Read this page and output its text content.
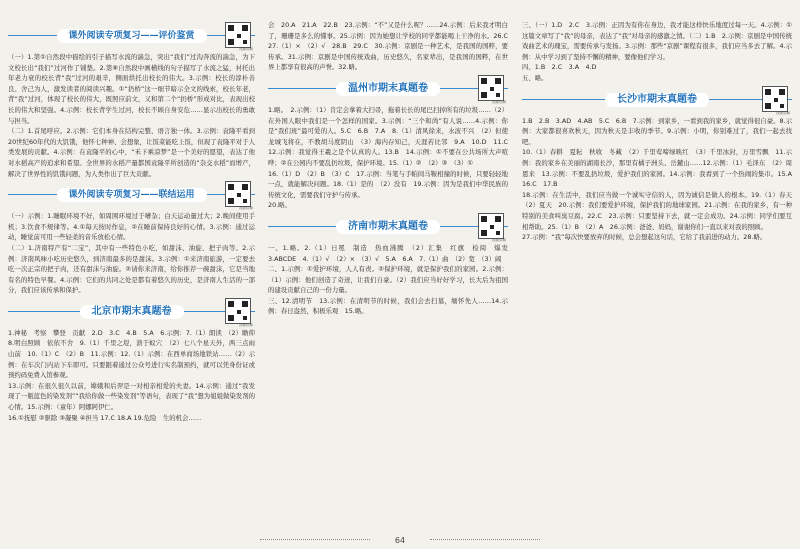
课外阅读专项复习——评价鉴赏
视频讲解

（一）1.第①自然段中描绘的引子描写水流的湍急，突出“我们”过沟奔流的湍急，为下文校长出“我们”过河作了铺垫。2.第⑧自然段中画横线的句子描写了水流之猛，衬托出年老力衰的校长背“我”过河的艰辛，侧面烘托出校长的伟大。3.示例：校长的淳朴善良、舍己为人，激发读者的阅读兴趣。①“扔桥”这一细节暗示全文的线索，校长年老，背“我”过河，体现了校长的伟大，既照应前文，又和第二个“扔桥”形成对比，表现出校长的伟大和坚强。4.示例：校长背学生过河，校长不顾自身安危……显示出校长的勇敢与担当。

（二）1.首尾呼应。2.示例：它们本身在结构完整、语言独一体。3.示例：袁隆平看到20世纪60年代的大饥饿，他怀七种神、会想象，让饭菜能吃上饭，但现了袁隆平对于人类发展的贡献。4.示例：在袁隆平的心中，“禾下乘凉梦”是一个美好的愿望，表达了他对水稻高产的追求和希望。全世界的水稻产量都国袁隆平所创造的“杂交水稻”而增产，解决了世界性的饥饿问题，为人类作出了巨大贡献。

课外阅读专项复习——联结运用
视频讲解

（一）示例：1.睡眠环境不好，如周围环境过于嘈杂；白天运动量过大；2.晚间使用手机；3.饮食不规律等。4.①每天按时作息，②在睡前保持良好的心情。3.示例：通过运动，睡觉前可用一些轻柔的音乐放松心情。

（二）1.济南特产有“二宝”，其中有一些特色小吃，如甜沫、油旋、把子肉等。2.示例：济南风味小吃历史悠久，到济南最多的是甜沫。3.示例：①来济南旅游，一定要去吃一次正宗的把子肉，还有甜沫与油旋。②请你来济南，给你推荐一碗甜沫，它是当地有名的特色早餐。4.示例：它们的共同之处是都有着悠久的历史，是济南人生活的一部分，我们应该传承和保护。

北京市期末真题卷
视频讲解

1.神秘　考察　攀登　贡献　2.D　3.C　4.B　5.A　6.示例：7.（1）朗读　（2）瞻仰　8.明白照顾　依依不舍　9.（1）千里之堤，溃于蚁穴　（2）七八个星天外，两三点雨山前　10.（1）C　（2）B　11.示例：12.（1）示例：在西单商场地铁站……（2）示例：在车次门内站下车即可。只要跟着通过公众号进行实名制预约，就可以凭身份证或预约码免费入馆参观。

13.示例：在很久很久以前，嫦娥和后羿是一对相亲相爱的夫妻。14.示例：通过“我发现了一瓶蓝色的染发剂”“我给你做一些染发剂”等语句，表现了“我”想为姐姐做染发剂的心情。15.示例：（童年）阿娜阿伊仁。

16.①抚慰 ②驱除 ③凝聚 ④担当 17.C 18.A 19.危险　生的机会……

会　20.A　21.A　22.B　23.示例：“不”又是什么呢？……24.示例：后来我才明白了，珊珊是多么的懂事。25.示例：因为她想让学校的同学都能喝上干净的水。26.C　27.（1）×　（2）√　28.B　29.C　30.示例：京剧是一种艺术，是我国的国粹，要传承。31.示例：京剧是中国传统戏曲，历史悠久，名家辈出，是我国的国粹，在世界上都享有很高的声誉。32.略。

温州市期末真题卷
视频讲解

1.略。　2.示例：（1）肯定会拿着大扫帚，拖着长长的尾巴扫掉所有的垃圾……（2）在外国人眼中我们是一个怎样的国家。3.示例：“三个和尚”有人说……4.示例：你是“我们班”最可爱的人。5.C　6.B　7.A　8.（1）清风徐来，水波不兴　（2）但使龙城飞将在，不教胡马度阴山　（3）海内存知己，天涯若比邻　9.A　10.D　11.C　12.示例：我觉得王羲之是个认真的人。13.B　14.示例：①不要在公共场所大声喧哗；②在公园内不要乱扔垃圾，保护环境。15.（1）②　（2）③　（3）①

16.（1）D　（2）B　（3）C　17.示例：当笔与手帕间马鞍相撞的时候，只要轻轻地一点，就能解决问题。18.（1）是的　（2）没有　19.示例：因为是我们中华民族的传统文化，需要我们守护与传承。

20.略。

济南市期末真题卷
视频讲解

一、1.略。2.（1）日冕　制造　热血沸腾　（2）汇集　红旗　检阅　爆发　3.ABCDE　4.（1）√　（2）×　（3）√　5.A　6.A　7.（1）曲　（2）宽　（3）阔

二、1.示例：①爱护环境，人人有责。②保护环境，就是保护我们的家园。2.示例：（1）示例：他们创造了奇迹，让我们自豪。（2）我们应当好好学习，长大后为祖国的建设贡献自己的一份力量。

三、12.清明节　13.示例：在清明节的时候，我们会去扫墓，缅怀先人……14.示例：春日盎然，积极乐观　15.略。

三、（一）1.D　2.C　3.示例：正因为有你在身边，我才能这样快乐地度过每一天。4.示例：①这篇文章写了“我”的母亲，表达了“我”对母亲的感激之情。（二）1.B　2.示例：京剧是中国传统戏曲艺术的瑰宝，需要传承与发扬。3.示例：那些“京剧”课程有很多，我们应当多去了解。4.示例：从中学习到了坚持不懈的精神，要像他们学习。

四、1.B　2.C　3.A　4.D

五、略。

长沙市期末真题卷
视频讲解

1.B　2.B　3.AD　4.AB　5.C　6.B　7.示例：到家乡，一看到我的家乡，就觉得很自豪。8.示例：大家都很喜欢秋天，因为秋天是丰收的季节。9.示例：小明，你别难过了，我们一起去找吧。

10.（1）春耕　夏耘　秋收　冬藏　（2）千里莺啼绿映红　（3）千里冰封，万里雪飘　11.示例：我的家乡在美丽的湖南长沙，那里有橘子洲头、岳麓山……12.示例：（1）毛泽东　（2）周恩来　13.示例：不要乱扔垃圾，爱护我们的家园。14.示例：我看到了一个热闹的集市。15.A　16.C　17.B

18.示例：在生活中，我们应当做一个诚实守信的人，因为诚信是做人的根本。19.（1）春天　（2）夏天　20.示例：我们要爱护环境，保护我们的地球家园。21.示例：在我的家乡，有一种特别的美食叫臭豆腐。22.C　23.示例：只要坚持下去，就一定会成功。24.示例：同学们要互相帮助。25.（1）B　（2）A　26.示例：爸爸、妈妈，谢谢你们一直以来对我的照顾。

27.示例：“我”每次快要放弃的时候，总会想起这句话，它给了我前进的动力。28.略。

64
